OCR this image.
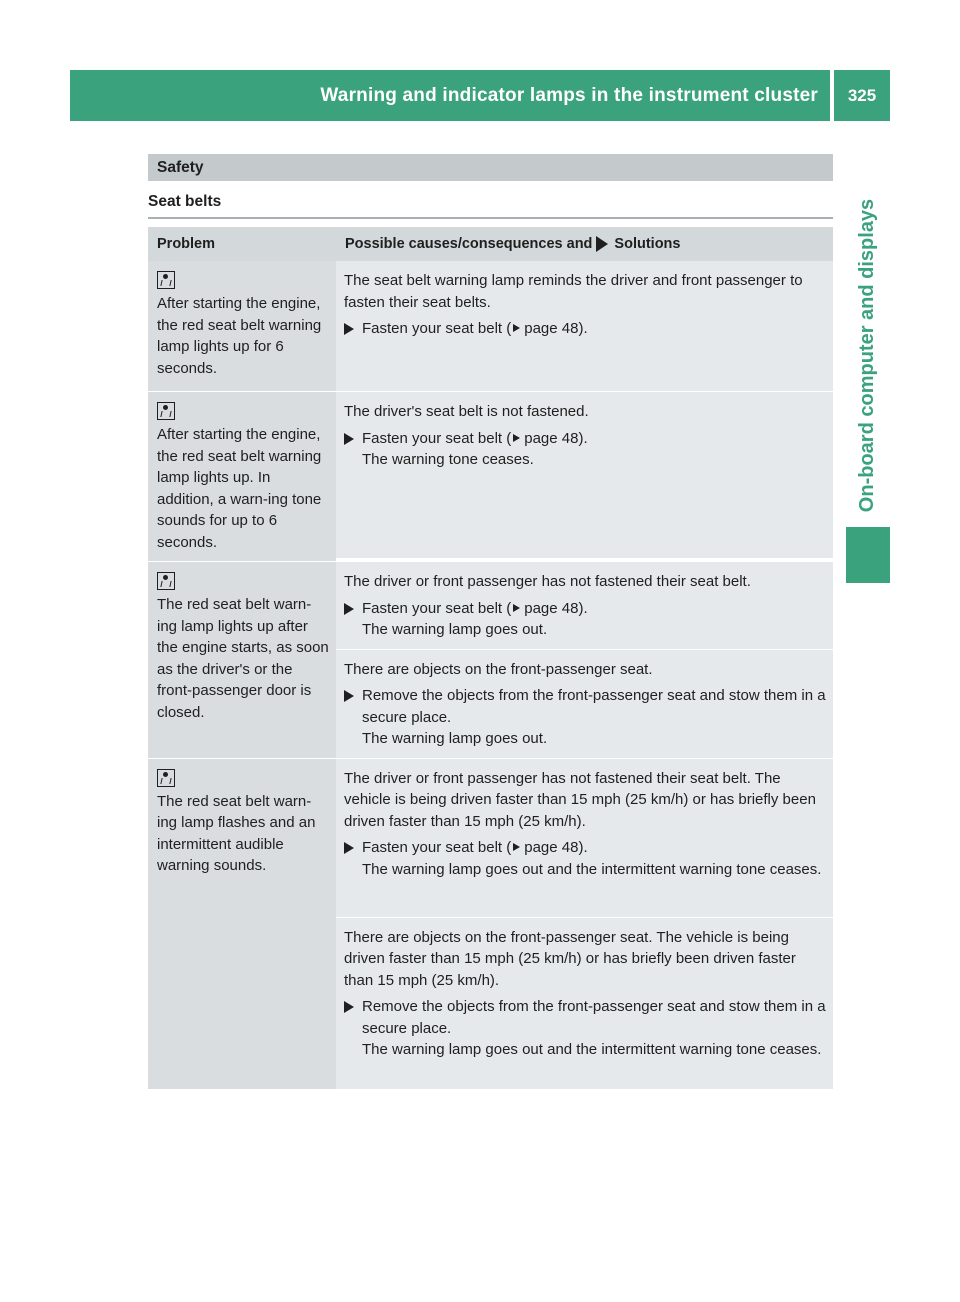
Warning and indicator lamps in the instrument cluster	325
On-board computer and displays
Safety
Seat belts
Problem	Possible causes/consequences and Solutions
After starting the engine, the red seat belt warning lamp lights up for 6 seconds.

The seat belt warning lamp reminds the driver and front passenger to fasten their seat belts.

Fasten your seat belt ( page 48).
After starting the engine, the red seat belt warning lamp lights up. In addition, a warn-ing tone sounds for up to 6 seconds.

The driver's seat belt is not fastened.

Fasten your seat belt ( page 48).
The warning tone ceases.
The red seat belt warn-ing lamp lights up after the engine starts, as soon as the driver's or the front-passenger door is closed.

The driver or front passenger has not fastened their seat belt.

Fasten your seat belt ( page 48).
The warning lamp goes out.

There are objects on the front-passenger seat.

Remove the objects from the front-passenger seat and stow them in a secure place.
The warning lamp goes out.
The red seat belt warn-ing lamp flashes and an intermittent audible warning sounds.

The driver or front passenger has not fastened their seat belt. The vehicle is being driven faster than 15 mph (25 km/h) or has briefly been driven faster than 15 mph (25 km/h).

Fasten your seat belt ( page 48).
The warning lamp goes out and the intermittent warning tone ceases.

There are objects on the front-passenger seat. The vehicle is being driven faster than 15 mph (25 km/h) or has briefly been driven faster than 15 mph (25 km/h).

Remove the objects from the front-passenger seat and stow them in a secure place.
The warning lamp goes out and the intermittent warning tone ceases.
